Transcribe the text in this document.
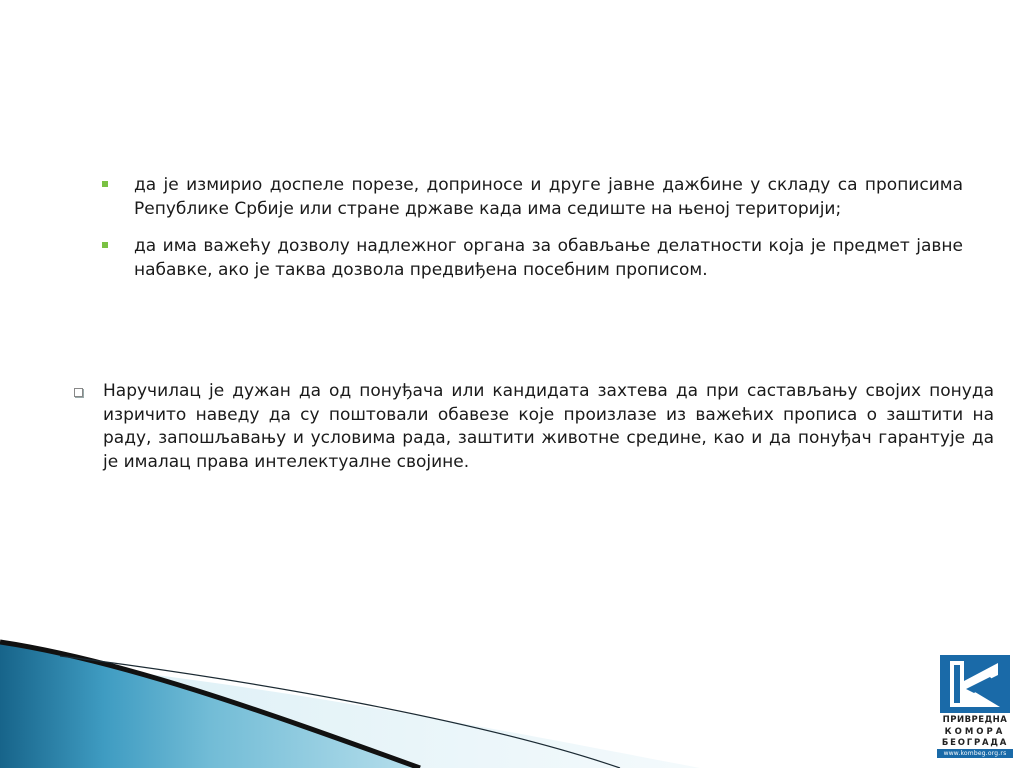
да је измирио доспеле порезе, доприносе и друге јавне дажбине у складу са прописима Републике Србије или стране државе када има седиште на њеној територији;
да има важећу дозволу надлежног органа за обављање делатности која је предмет јавне набавке, ако је таква дозвола предвиђена посебним прописом.
Наручилац је дужан да од понуђача или кандидата захтева да при састављању својих понуда изричито наведу да су поштовали обавезе које произлазе из важећих прописа о заштити на раду, запошљавању и условима рада, заштити животне средине, као и да понуђач гарантује да је ималац права интелектуалне својине.
ПРИВРЕДНА
КОМОРА
БЕОГРАДА
www.kombeg.org.rs
